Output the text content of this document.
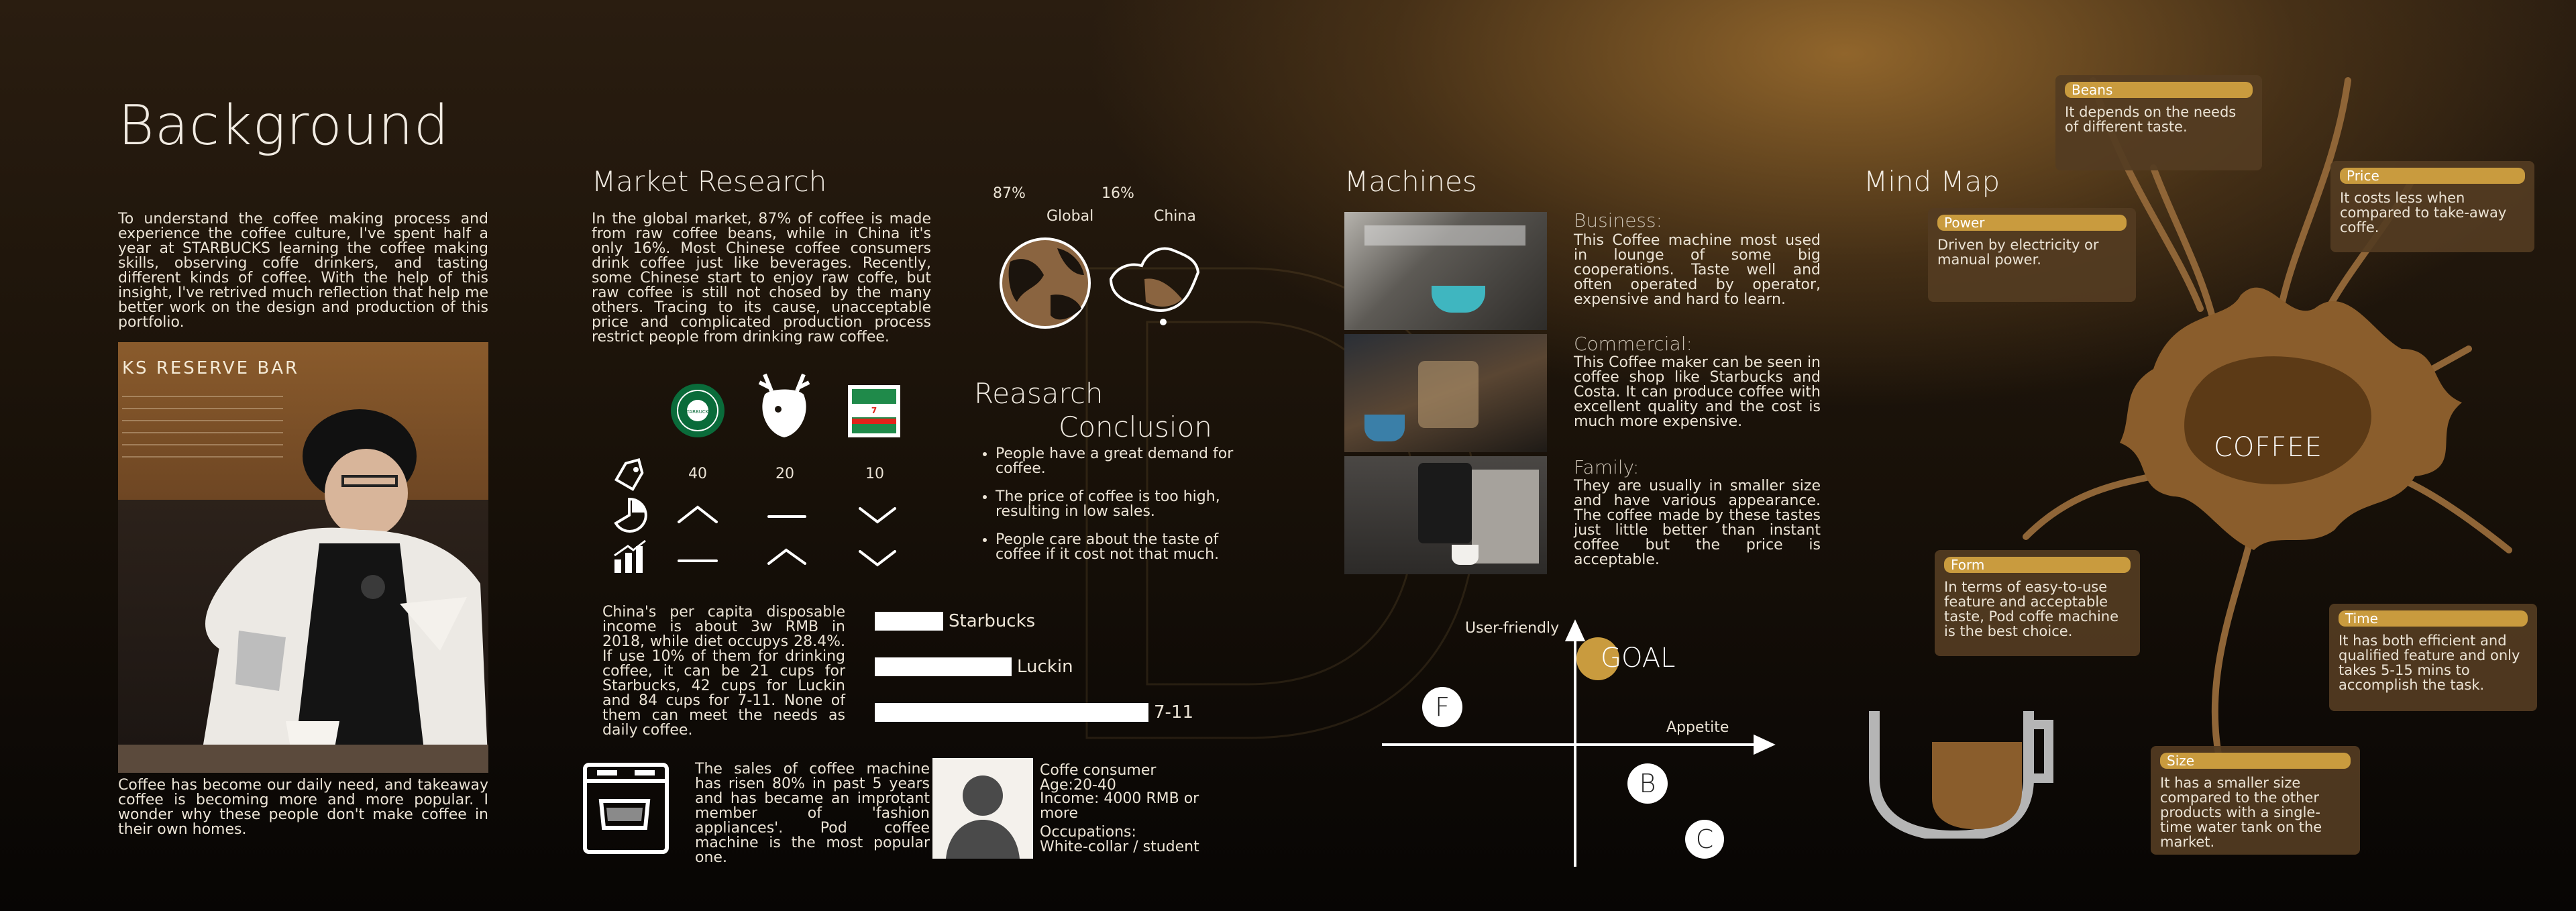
Background
To understand the coffee making process and experience the coffee culture, I've spent half a year at STARBUCKS learning the coffee making skills, observing coffe drinkers, and tasting different kinds of coffee. With the help of this insight, I've retrived much reflection that help me better work on the design and production of this portfolio.
KS RESERVE BAR
Coffee has become our daily need, and takeaway coffee is becoming more and more popular. I wonder why these people don't make coffee in their own homes.
Market Research
In the global market, 87% of coffee is made from raw coffee beans, while in China it's only 16%. Most Chinese coffee consumers drink coffee just like beverages. Recently, some Chinese start to enjoy raw coffe, but raw coffee is still not chosed by the many others. Tracing to its cause, unacceptable price and complicated production process restrict people from drinking raw coffee.
STARBUCKS	7
40	20	10
China's per capita disposable income is about 3w RMB in 2018, while diet occupys 28.4%. If use 10% of them for drinking coffee, it can be 21 cups for Starbucks, 42 cups for Luckin and 84 cups for 7-11. None of them can meet the needs as daily coffee.
Starbucks
Luckin
7-11
The sales of coffee machine has risen 80% in past 5 years and has became an improtant member of 'fashion appliances'. Pod coffee machine is the most popular one.
Coffe consumer
Age:20-40
Income: 4000 RMB or more
Occupations:
White-collar / student
87%	16%
Global	China
Reasarch
Conclusion
• People have a great demand for coffee.
• The price of coffee is too high, resulting in low sales.
• People care about the taste of coffee if it cost not that much.
Machines
Business:
This Coffee machine most used in lounge of some big cooperations. Taste well and often operated by operator, expensive and hard to learn.
Commercial:
This Coffee maker can be seen in coffee shop like Starbucks and Costa. It can produce coffee with excellent quality and the cost is much more expensive.
Family:
They are usually in smaller size and have various appearance. The coffee made by these tastes just little better than instant coffee but the price is acceptable.
User-friendly
Appetite
GOAL
F
B
C
Mind Map
COFFEE
Beans
It depends on the needs of different taste.
Price
It costs less when compared to take-away coffe.
Power
Driven by electricity or manual power.
Form
In terms of easy-to-use feature and acceptable taste, Pod coffe machine is the best choice.
Time
It has both efficient and qualified feature and only takes 5-15 mins to accomplish the task.
Size
It has a smaller size compared to the other products with a single-time water tank on the market.
